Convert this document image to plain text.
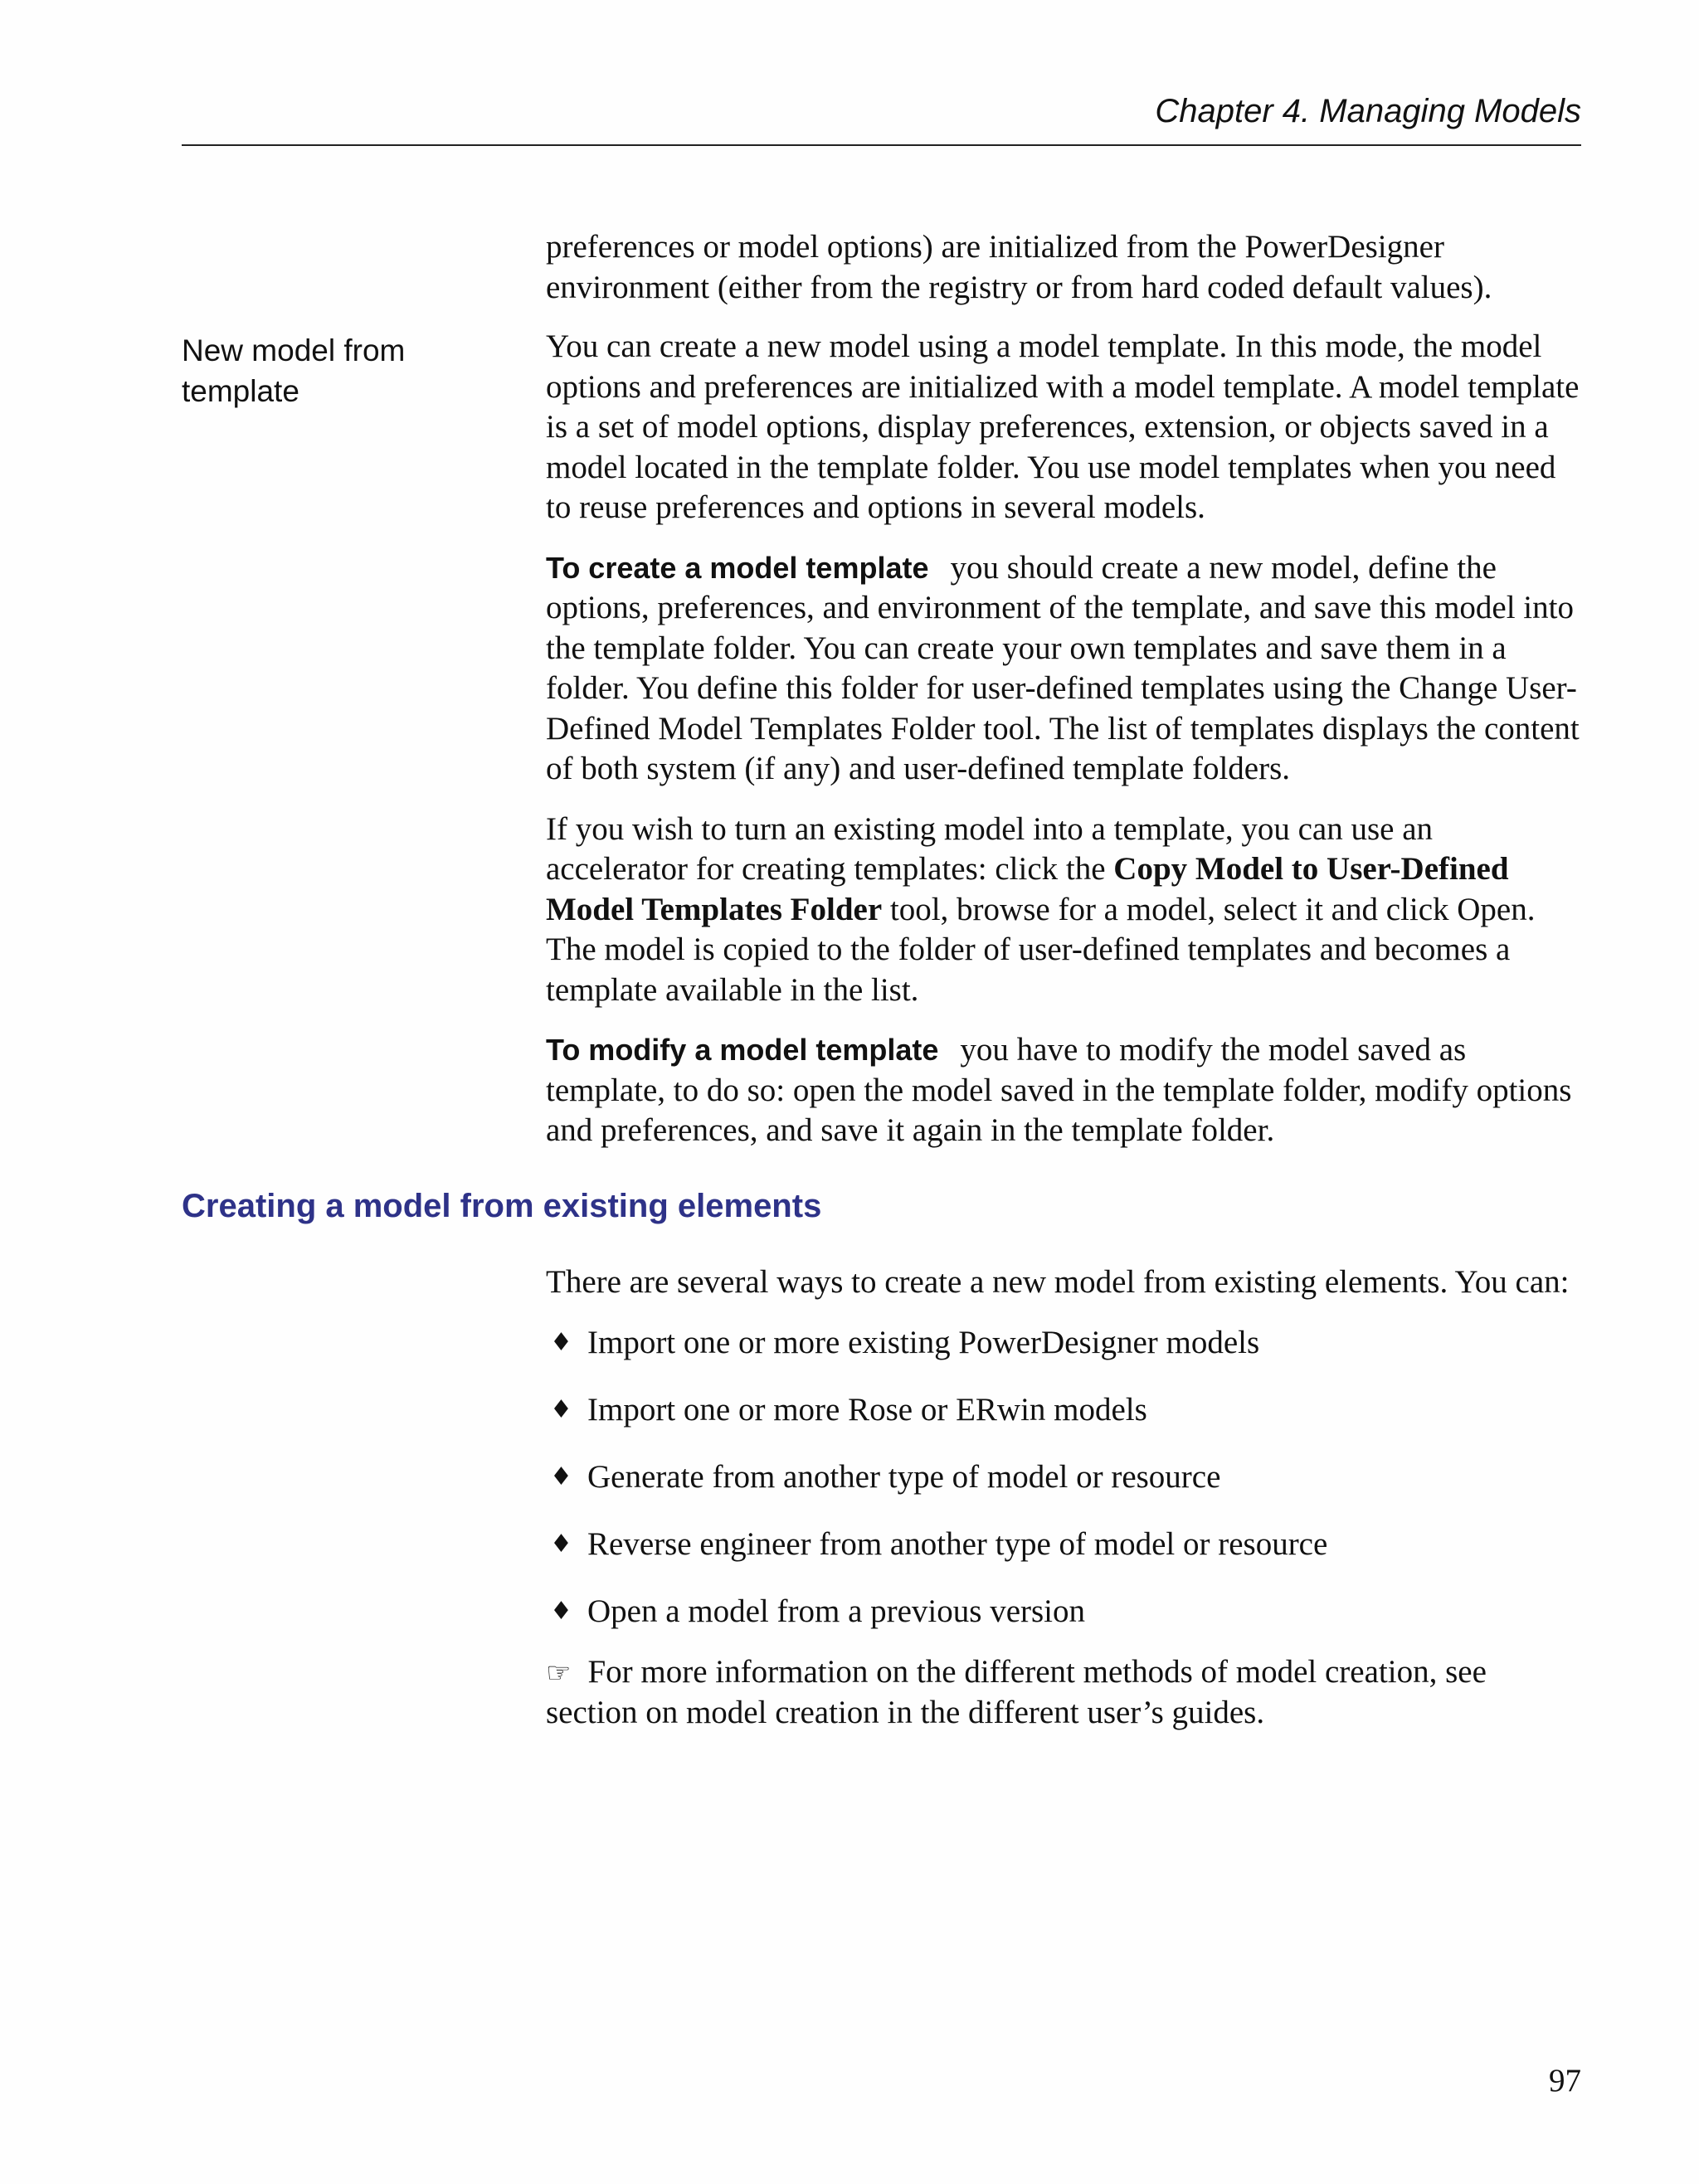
Chapter 4. Managing Models

preferences or model options) are initialized from the PowerDesigner environment (either from the registry or from hard coded default values).

New model from template

You can create a new model using a model template. In this mode, the model options and preferences are initialized with a model template. A model template is a set of model options, display preferences, extension, or objects saved in a model located in the template folder. You use model templates when you need to reuse preferences and options in several models.

To create a model template you should create a new model, define the options, preferences, and environment of the template, and save this model into the template folder. You can create your own templates and save them in a folder. You define this folder for user-defined templates using the Change User-Defined Model Templates Folder tool. The list of templates displays the content of both system (if any) and user-defined template folders.

If you wish to turn an existing model into a template, you can use an accelerator for creating templates: click the Copy Model to User-Defined Model Templates Folder tool, browse for a model, select it and click Open. The model is copied to the folder of user-defined templates and becomes a template available in the list.

To modify a model template you have to modify the model saved as template, to do so: open the model saved in the template folder, modify options and preferences, and save it again in the template folder.

Creating a model from existing elements

There are several ways to create a new model from existing elements. You can:

♦ Import one or more existing PowerDesigner models
♦ Import one or more Rose or ERwin models
♦ Generate from another type of model or resource
♦ Reverse engineer from another type of model or resource
♦ Open a model from a previous version

☞ For more information on the different methods of model creation, see section on model creation in the different user’s guides.

97
